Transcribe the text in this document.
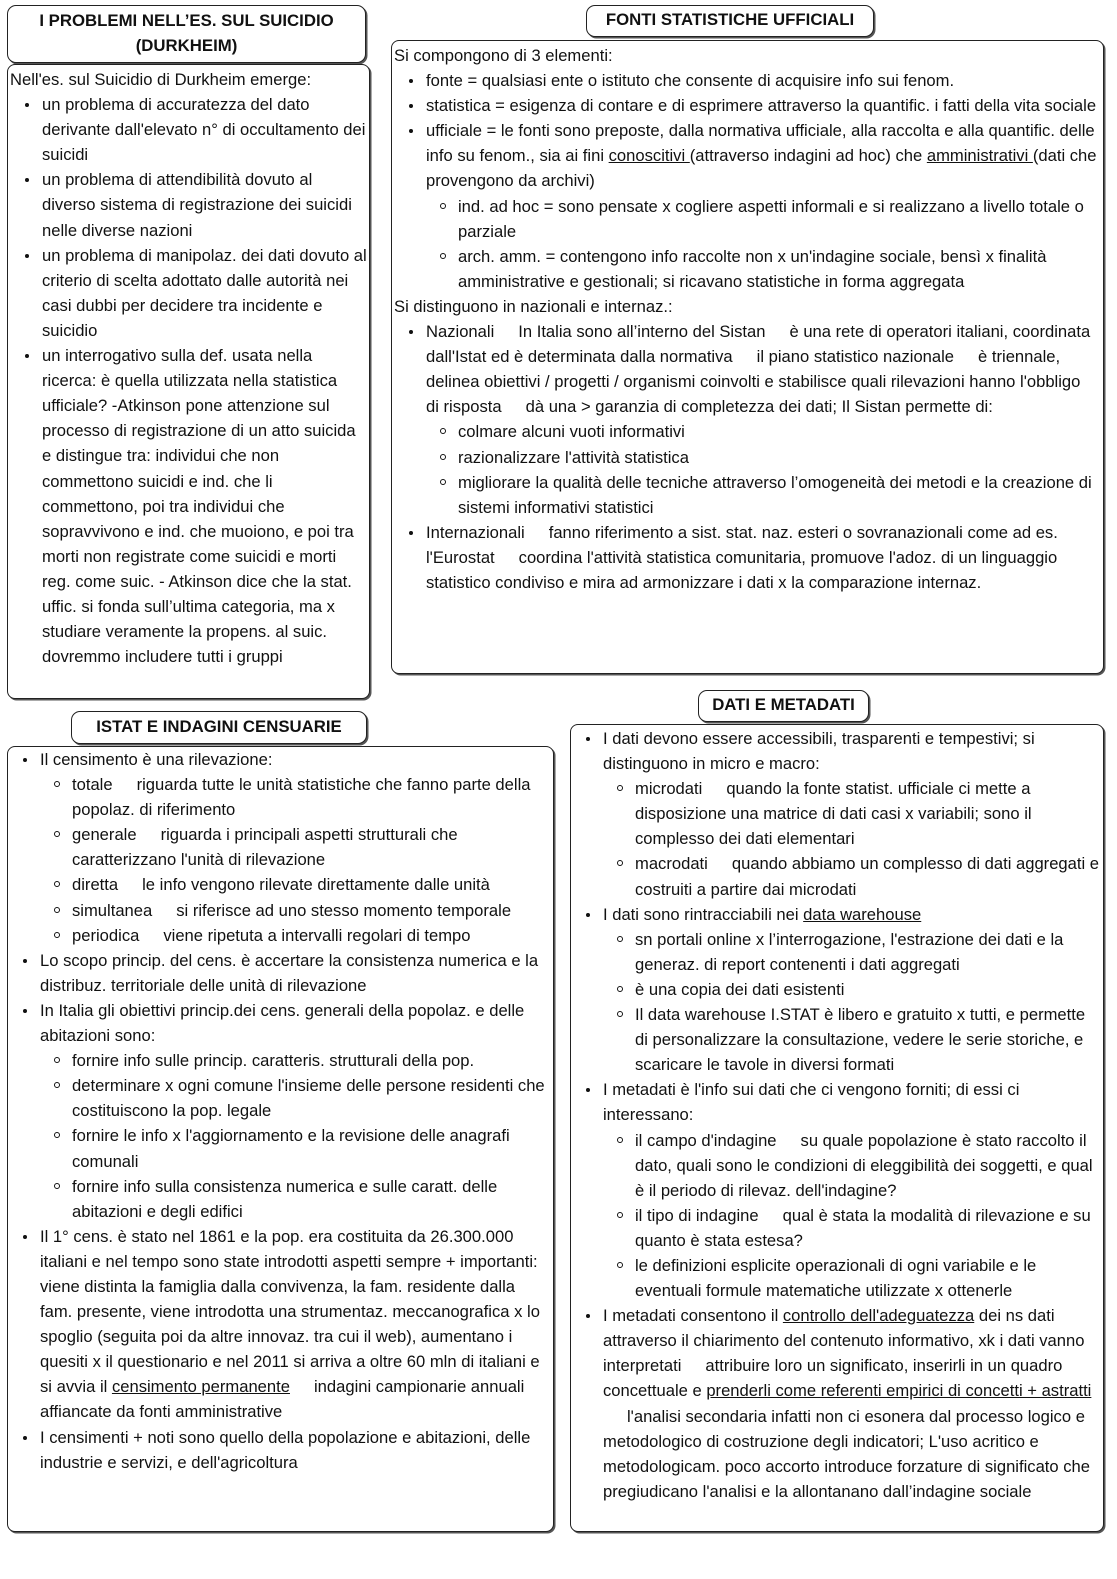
I PROBLEMI NELL’ES. SUL SUICIDIO
(DURKHEIM)

Nell'es. sul Suicidio di Durkheim emerge:

un problema di accuratezza del dato derivante dall'elevato n° di occultamento dei suicidi
un problema di attendibilità dovuto al diverso sistema di registrazione dei suicidi nelle diverse nazioni
un problema di manipolaz. dei dati dovuto al criterio di scelta adottato dalle autorità nei casi dubbi per decidere tra incidente e suicidio
un interrogativo sulla def. usata nella ricerca: è quella utilizzata nella statistica ufficiale? -Atkinson pone attenzione sul processo di registrazione di un atto suicida e distingue tra: individui che non commettono suicidi e ind. che li commettono, poi tra individui che sopravvivono e ind. che muoiono, e poi tra morti non registrate come suicidi e morti reg. come suic. - Atkinson dice che la stat. uffic. si fonda sull’ultima categoria, ma x studiare veramente la propens. al suic. dovremmo includere tutti i gruppi
FONTI STATISTICHE UFFICIALI

Si compongono di 3 elementi:

fonte = qualsiasi ente o istituto che consente di acquisire info sui fenom.
statistica = esigenza di contare e di esprimere attraverso la quantific. i fatti della vita sociale
ufficiale = le fonti sono preposte, dalla normativa ufficiale, alla raccolta e alla quantific. delle info su fenom., sia ai fini conoscitivi (attraverso indagini ad hoc) che amministrativi (dati che provengono da archivi)
ind. ad hoc = sono pensate x cogliere aspetti informali e si realizzano a livello totale o parziale
arch. amm. = contengono info raccolte non x un'indagine sociale, bensì x finalità amministrative e gestionali; si ricavano statistiche in forma aggregata

Si distinguono in nazionali e internaz.:

Nazionali In Italia sono all’interno del Sistan è una rete di operatori italiani, coordinata dall'Istat ed è determinata dalla normativa il piano statistico nazionale è triennale, delinea obiettivi / progetti / organismi coinvolti e stabilisce quali rilevazioni hanno l'obbligo di risposta dà una > garanzia di completezza dei dati; Il Sistan permette di:
colmare alcuni vuoti informativi
razionalizzare l'attività statistica
migliorare la qualità delle tecniche attraverso l’omogeneità dei metodi e la creazione di sistemi informativi statistici
Internazionali fanno riferimento a sist. stat. naz. esteri o sovranazionali come ad es. l'Eurostat coordina l'attività statistica comunitaria, promuove l'adoz. di un linguaggio statistico condiviso e mira ad armonizzare i dati x la comparazione internaz.
ISTAT E INDAGINI CENSUARIE
Il censimento è una rilevazione:
totale riguarda tutte le unità statistiche che fanno parte della popolaz. di riferimento
generale riguarda i principali aspetti strutturali che caratterizzano l'unità di rilevazione
diretta le info vengono rilevate direttamente dalle unità
simultanea si riferisce ad uno stesso momento temporale
periodica viene ripetuta a intervalli regolari di tempo
Lo scopo princip. del cens. è accertare la consistenza numerica e la distribuz. territoriale delle unità di rilevazione
In Italia gli obiettivi princip.dei cens. generali della popolaz. e delle abitazioni sono:
fornire info sulle princip. caratteris. strutturali della pop.
determinare x ogni comune l'insieme delle persone residenti che costituiscono la pop. legale
fornire le info x l'aggiornamento e la revisione delle anagrafi comunali
fornire info sulla consistenza numerica e sulle caratt. delle abitazioni e degli edifici
Il 1° cens. è stato nel 1861 e la pop. era costituita da 26.300.000 italiani e nel tempo sono state introdotti aspetti sempre + importanti: viene distinta la famiglia dalla convivenza, la fam. residente dalla fam. presente, viene introdotta una strumentaz. meccanografica x lo spoglio (seguita poi da altre innovaz. tra cui il web), aumentano i quesiti x il questionario e nel 2011 si arriva a oltre 60 mln di italiani e si avvia il censimento permanente indagini campionarie annuali affiancate da fonti amministrative
I censimenti + noti sono quello della popolazione e abitazioni, delle industrie e servizi, e dell'agricoltura
DATI E METADATI
I dati devono essere accessibili, trasparenti e tempestivi; si distinguono in micro e macro:
microdati quando la fonte statist. ufficiale ci mette a disposizione una matrice di dati casi x variabili; sono il complesso dei dati elementari
macrodati quando abbiamo un complesso di dati aggregati e costruiti a partire dai microdati
I dati sono rintracciabili nei data warehouse
sn portali online x l’interrogazione, l'estrazione dei dati e la generaz. di report contenenti i dati aggregati
è una copia dei dati esistenti
Il data warehouse I.STAT è libero e gratuito x tutti, e permette di personalizzare la consultazione, vedere le serie storiche, e scaricare le tavole in diversi formati
I metadati è l'info sui dati che ci vengono forniti; di essi ci interessano:
il campo d'indagine su quale popolazione è stato raccolto il dato, quali sono le condizioni di eleggibilità dei soggetti, e qual è il periodo di rilevaz. dell'indagine?
il tipo di indagine qual è stata la modalità di rilevazione e su quanto è stata estesa?
le definizioni esplicite operazionali di ogni variabile e le eventuali formule matematiche utilizzate x ottenerle
I metadati consentono il controllo dell'adeguatezza dei ns dati attraverso il chiarimento del contenuto informativo, xk i dati vanno interpretati attribuire loro un significato, inserirli in un quadro concettuale e prenderli come referenti empirici di concetti + astrattil'analisi secondaria infatti non ci esonera dal processo logico e metodologico di costruzione degli indicatori; L'uso acritico e metodologicam. poco accorto introduce forzature di significato che pregiudicano l'analisi e la allontanano dall’indagine sociale
